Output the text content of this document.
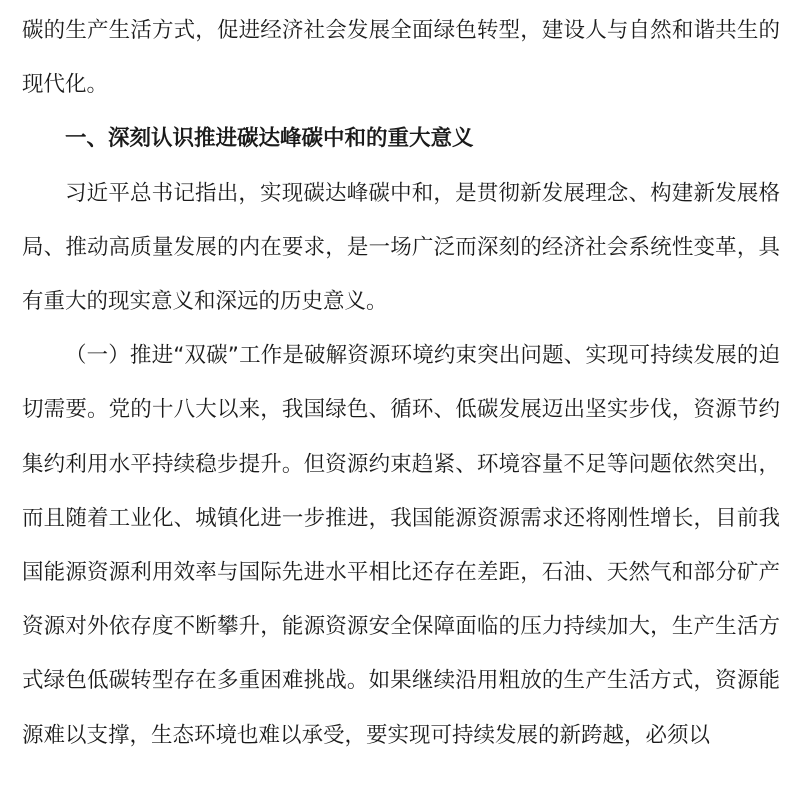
碳的生产生活方式，促进经济社会发展全面绿色转型，建设人与自然和谐共生的现代化。

一、深刻认识推进碳达峰碳中和的重大意义

习近平总书记指出，实现碳达峰碳中和，是贯彻新发展理念、构建新发展格局、推动高质量发展的内在要求，是一场广泛而深刻的经济社会系统性变革，具有重大的现实意义和深远的历史意义。

（一）推进“双碳”工作是破解资源环境约束突出问题、实现可持续发展的迫切需要。党的十八大以来，我国绿色、循环、低碳发展迈出坚实步伐，资源节约集约利用水平持续稳步提升。但资源约束趋紧、环境容量不足等问题依然突出，而且随着工业化、城镇化进一步推进，我国能源资源需求还将刚性增长，目前我国能源资源利用效率与国际先进水平相比还存在差距，石油、天然气和部分矿产资源对外依存度不断攀升，能源资源安全保障面临的压力持续加大，生产生活方式绿色低碳转型存在多重困难挑战。如果继续沿用粗放的生产生活方式，资源能源难以支撑，生态环境也难以承受，要实现可持续发展的新跨越，必须以
